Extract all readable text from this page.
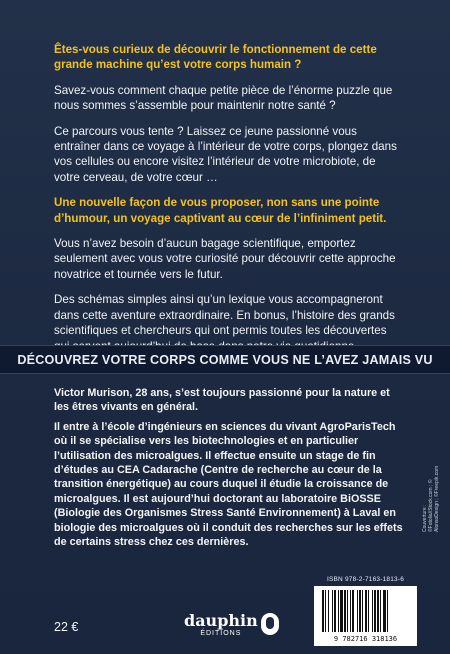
Êtes-vous curieux de découvrir le fonctionnement de cette grande machine qu’est votre corps humain ?

Savez-vous comment chaque petite pièce de l’énorme puzzle que nous sommes s’assemble pour maintenir notre santé ?

Ce parcours vous tente ? Laissez ce jeune passionné vous entraîner dans ce voyage à l’intérieur de votre corps, plongez dans vos cellules ou encore visitez l’intérieur de votre microbiote, de votre cerveau, de votre cœur …

Une nouvelle façon de vous proposer, non sans une pointe d’humour, un voyage captivant au cœur de l’infiniment petit.

Vous n’avez besoin d’aucun bagage scientifique, emportez seulement avec vous votre curiosité pour découvrir cette approche novatrice et tournée vers le futur.

Des schémas simples ainsi qu’un lexique vous accompagneront dans cette aventure extraordinaire. En bonus, l’histoire des grands scientifiques et chercheurs qui ont permis toutes les découvertes

DÉCOUVREZ VOTRE CORPS COMME VOUS NE L’AVEZ JAMAIS VU

Victor Murison, 28 ans, s’est toujours passionné pour la nature et les êtres vivants en général.

Il entre à l’école d’ingénieurs en sciences du vivant AgroParisTech où il se spécialise vers les biotechnologies et en particulier l’utilisation des microalgues. Il effectue ensuite un stage de fin d’études au CEA Cadarache (Centre de recherche au cœur de la transition énergétique) au cours duquel il étudie la croissance de microalgues. Il est aujourd’hui doctorant au laboratoire BiOSSE (Biologie des Organismes Stress Santé Environnement) à Laval en biologie des microalgues où il conduit des recherches sur les effets de certains stress chez ces dernières.

Couverture : ©Fotolia/iStock.com ; © AlonsoDesign ; ©Freepik.com
22 €	dauphin
ÉDITIONS
ISBN 978-2-7163-1813-6
9 782716 318136
